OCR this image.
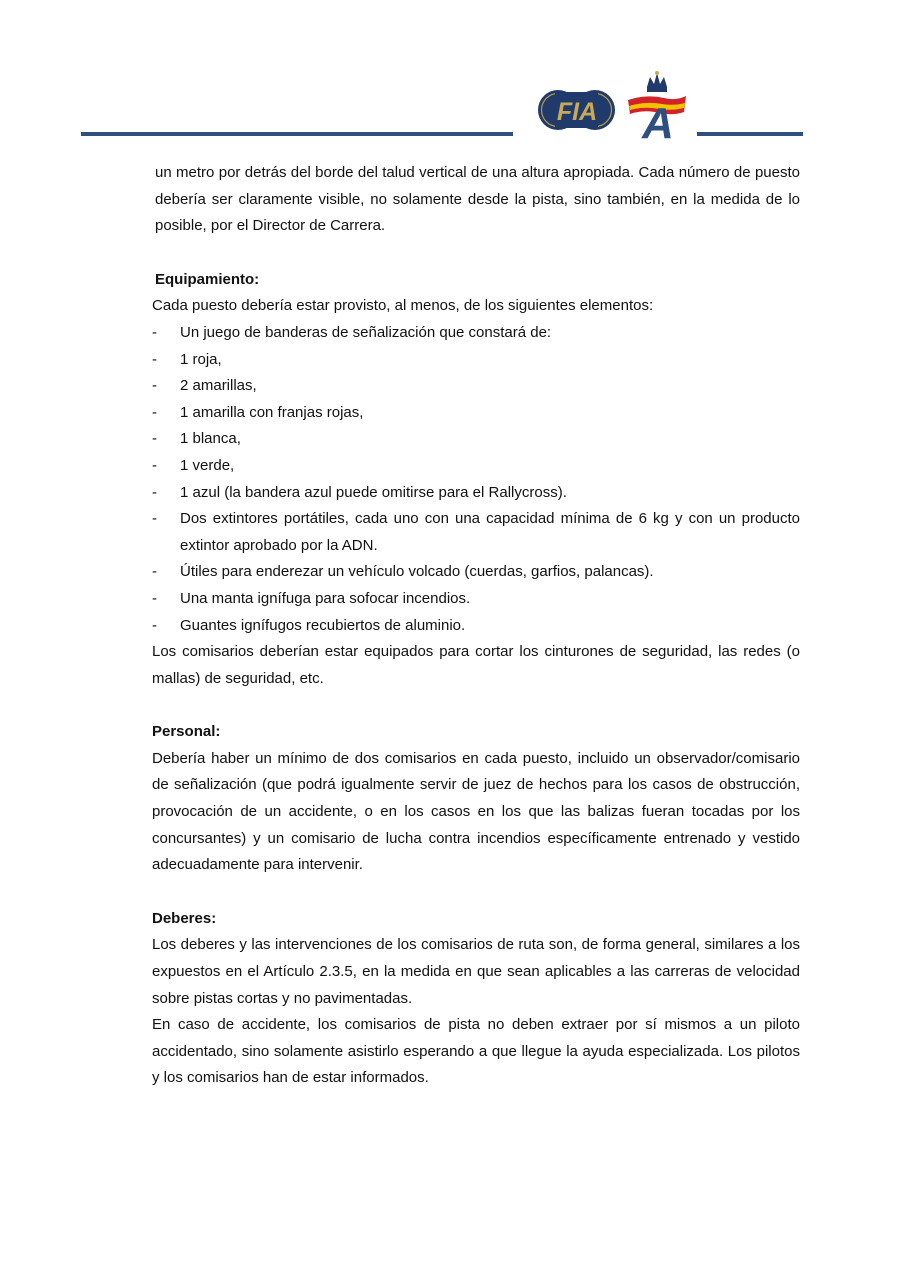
FIA A

un metro por detrás del borde del talud vertical de una altura apropiada. Cada número de puesto debería ser claramente visible, no solamente desde la pista, sino también, en la medida de lo posible, por el Director de Carrera.

Equipamiento:

Cada puesto debería estar provisto, al menos, de los siguientes elementos:

- Un juego de banderas de señalización que constará de:
- 1 roja,
- 2 amarillas,
- 1 amarilla con franjas rojas,
- 1 blanca,
- 1 verde,
- 1 azul (la bandera azul puede omitirse para el Rallycross).
- Dos extintores portátiles, cada uno con una capacidad mínima de 6 kg y con un producto extintor aprobado por la ADN.
- Útiles para enderezar un vehículo volcado (cuerdas, garfios, palancas).
- Una manta ignífuga para sofocar incendios.
- Guantes ignífugos recubiertos de aluminio.

Los comisarios deberían estar equipados para cortar los cinturones de seguridad, las redes (o mallas) de seguridad, etc.

Personal:

Debería haber un mínimo de dos comisarios en cada puesto, incluido un observador/comisario de señalización (que podrá igualmente servir de juez de hechos para los casos de obstrucción, provocación de un accidente, o en los casos en los que las balizas fueran tocadas por los concursantes) y un comisario de lucha contra incendios específicamente entrenado y vestido adecuadamente para intervenir.

Deberes:

Los deberes y las intervenciones de los comisarios de ruta son, de forma general, similares a los expuestos en el Artículo 2.3.5, en la medida en que sean aplicables a las carreras de velocidad sobre pistas cortas y no pavimentadas.

En caso de accidente, los comisarios de pista no deben extraer por sí mismos a un piloto accidentado, sino solamente asistirlo esperando a que llegue la ayuda especializada. Los pilotos y los comisarios han de estar informados.
